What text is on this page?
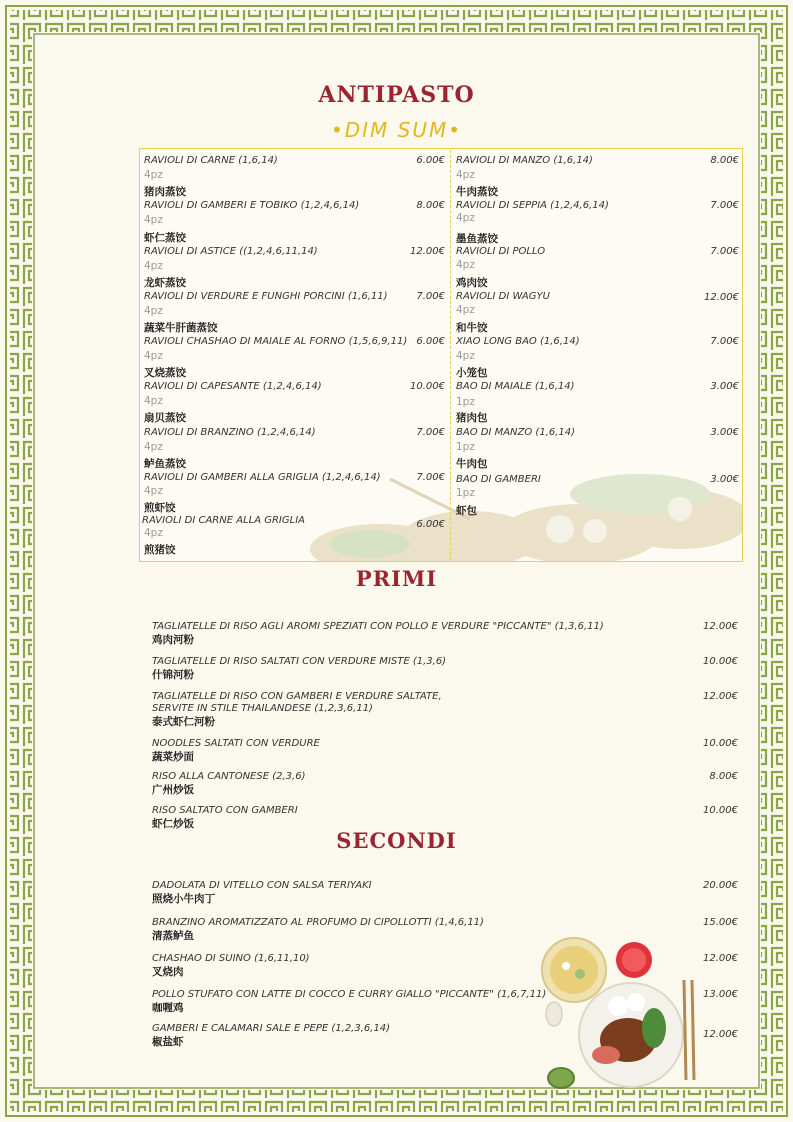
ANTIPASTO
•DIM SUM•
RAVIOLI DI CARNE (1,6,14)	6.00€
4pz
猪肉蒸饺
RAVIOLI DI GAMBERI E TOBIKO (1,2,4,6,14)	8.00€
4pz
虾仁蒸饺
RAVIOLI DI ASTICE ((1,2,4,6,11,14)	12.00€
4pz
龙虾蒸饺
RAVIOLI DI VERDURE E FUNGHI PORCINI (1,6,11)	7.00€
4pz
蔬菜牛肝菌蒸饺
RAVIOLI CHASHAO DI MAIALE AL FORNO (1,5,6,9,11) 6.00€
4pz
叉烧蒸饺
RAVIOLI DI CAPESANTE (1,2,4,6,14)	10.00€
4pz
扇贝蒸饺
RAVIOLI DI BRANZINO (1,2,4,6,14)	7.00€
4pz
鲈鱼蒸饺
RAVIOLI DI GAMBERI ALLA GRIGLIA (1,2,4,6,14)	7.00€
4pz
煎虾饺
RAVIOLI DI CARNE ALLA GRIGLIA	6.00€
4pz
煎猪饺
RAVIOLI DI MANZO (1,6,14)	8.00€
4pz
牛肉蒸饺
RAVIOLI DI SEPPIA (1,2,4,6,14)	7.00€
4pz
墨鱼蒸饺
RAVIOLI DI POLLO	7.00€
4pz
鸡肉饺
RAVIOLI DI WAGYU	12.00€
4pz
和牛饺
XIAO LONG BAO (1,6,14)	7.00€
4pz
小笼包
BAO DI MAIALE (1,6,14)	3.00€
1pz
猪肉包
BAO DI MANZO (1,6,14)	3.00€
1pz
牛肉包
BAO DI GAMBERI	3.00€
1pz
虾包
PRIMI
TAGLIATELLE DI RISO AGLI AROMI SPEZIATI CON POLLO E VERDURE "PICCANTE" (1,3,6,11)
鸡肉河粉
12.00€
TAGLIATELLE DI RISO SALTATI CON VERDURE MISTE (1,3,6)
什锦河粉
10.00€
TAGLIATELLE DI RISO CON GAMBERI E VERDURE SALTATE,
SERVITE IN STILE THAILANDESE (1,2,3,6,11)
泰式虾仁河粉
12.00€
NOODLES SALTATI CON VERDURE
蔬菜炒面
10.00€
RISO ALLA CANTONESE (2,3,6)
广州炒饭
8.00€
RISO SALTATO CON GAMBERI
虾仁炒饭
10.00€
SECONDI
DADOLATA DI VITELLO CON SALSA TERIYAKI
照烧小牛肉丁
20.00€
BRANZINO AROMATIZZATO AL PROFUMO DI CIPOLLOTTI (1,4,6,11)
清蒸鲈鱼
15.00€
CHASHAO DI SUINO (1,6,11,10)
叉烧肉
12.00€
POLLO STUFATO CON LATTE DI COCCO E CURRY GIALLO "PICCANTE" (1,6,7,11)
咖喱鸡
13.00€
GAMBERI E CALAMARI SALE E PEPE (1,2,3,6,14)
椒盐虾
12.00€
